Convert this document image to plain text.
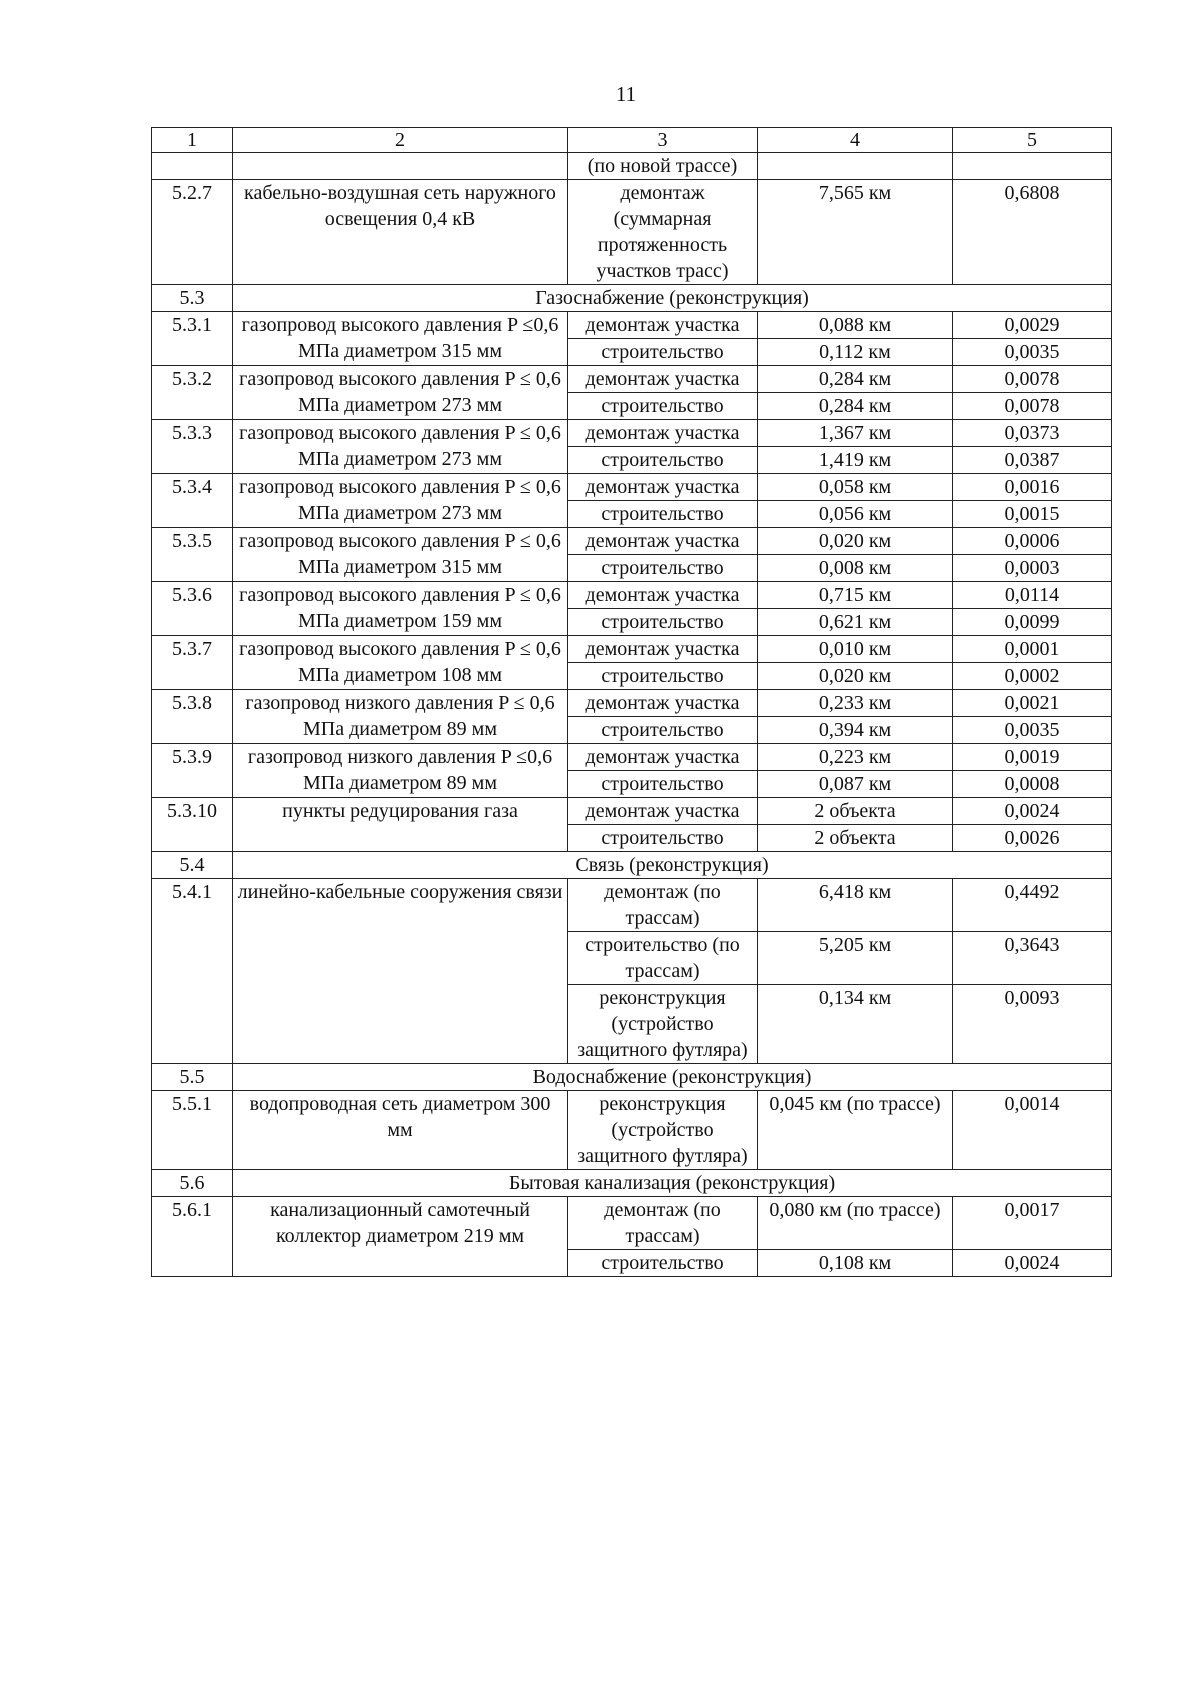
11
1	2	3	4	5
		(по новой трассе)		
5.2.7	кабельно-воздушная сеть наружного освещения 0,4 кВ	демонтаж (суммарная протяженность участков трасс)	7,565 км	0,6808
5.3	Газоснабжение (реконструкция)			
5.3.1	газопровод высокого давления P ≤0,6 МПа диаметром 315 мм	демонтаж участка	0,088 км	0,0029
		строительство	0,112 км	0,0035
5.3.2	газопровод высокого давления P ≤ 0,6 МПа диаметром 273 мм	демонтаж участка	0,284 км	0,0078
		строительство	0,284 км	0,0078
5.3.3	газопровод высокого давления P ≤ 0,6 МПа диаметром 273 мм	демонтаж участка	1,367 км	0,0373
		строительство	1,419 км	0,0387
5.3.4	газопровод высокого давления P ≤ 0,6 МПа диаметром 273 мм	демонтаж участка	0,058 км	0,0016
		строительство	0,056 км	0,0015
5.3.5	газопровод высокого давления P ≤ 0,6 МПа диаметром 315 мм	демонтаж участка	0,020 км	0,0006
		строительство	0,008 км	0,0003
5.3.6	газопровод высокого давления P ≤ 0,6 МПа диаметром 159 мм	демонтаж участка	0,715 км	0,0114
		строительство	0,621 км	0,0099
5.3.7	газопровод высокого давления P ≤ 0,6 МПа диаметром 108 мм	демонтаж участка	0,010 км	0,0001
		строительство	0,020 км	0,0002
5.3.8	газопровод низкого давления P ≤ 0,6 МПа диаметром 89 мм	демонтаж участка	0,233 км	0,0021
		строительство	0,394 км	0,0035
5.3.9	газопровод низкого давления P ≤0,6 МПа диаметром 89 мм	демонтаж участка	0,223 км	0,0019
		строительство	0,087 км	0,0008
5.3.10	пункты редуцирования газа	демонтаж участка	2 объекта	0,0024
		строительство	2 объекта	0,0026
5.4	Связь (реконструкция)			
5.4.1	линейно-кабельные сооружения связи	демонтаж (по трассам)	6,418 км	0,4492
		строительство (по трассам)	5,205 км	0,3643
		реконструкция (устройство защитного футляра)	0,134 км	0,0093
5.5	Водоснабжение (реконструкция)			
5.5.1	водопроводная сеть диаметром 300 мм	реконструкция (устройство защитного футляра)	0,045 км (по трассе)	0,0014
5.6	Бытовая канализация (реконструкция)			
5.6.1	канализационный самотечный коллектор диаметром 219 мм	демонтаж (по трассам)	0,080 км (по трассе)	0,0017
		строительство	0,108 км	0,0024
